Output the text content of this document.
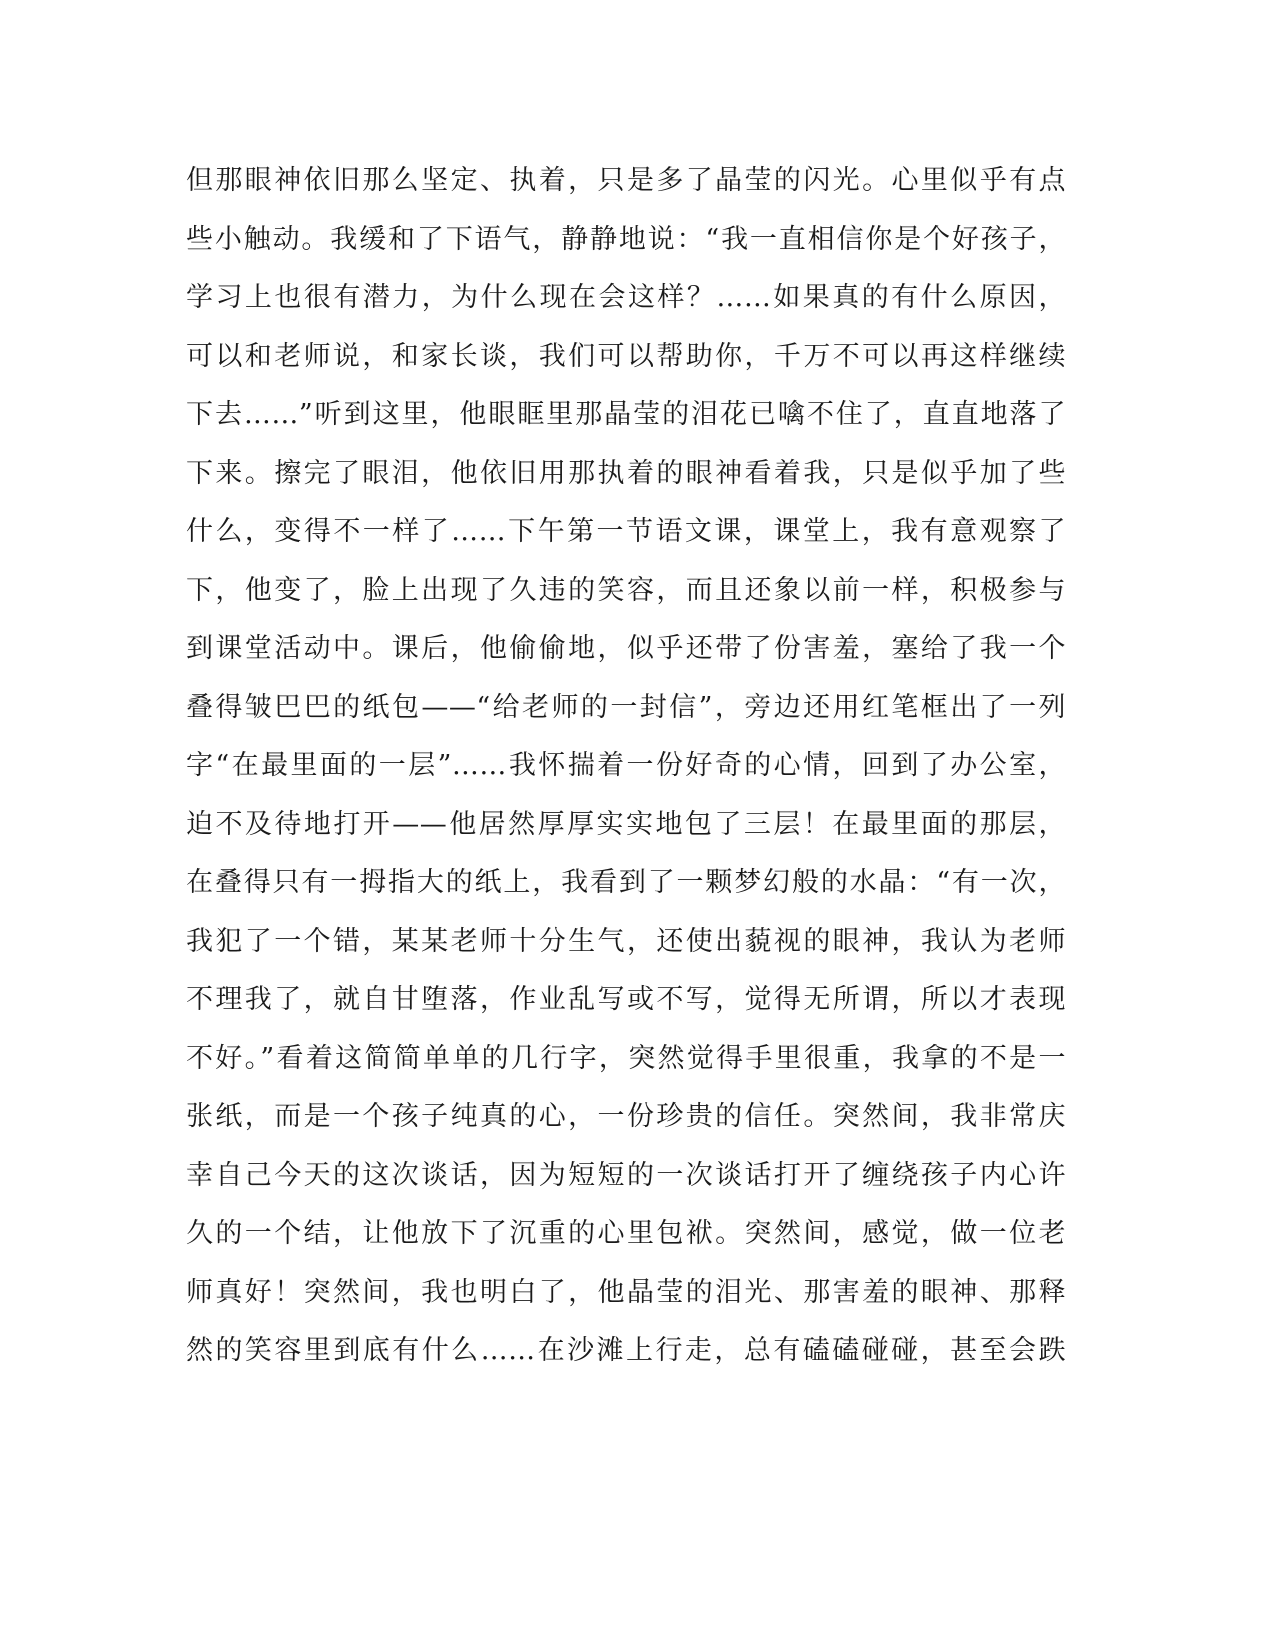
但那眼神依旧那么坚定、执着，只是多了晶莹的闪光。心里似乎有点
些小触动。我缓和了下语气，静静地说：“我一直相信你是个好孩子，
学习上也很有潜力，为什么现在会这样？……如果真的有什么原因，
可以和老师说，和家长谈，我们可以帮助你，千万不可以再这样继续
下去……”听到这里，他眼眶里那晶莹的泪花已噙不住了，直直地落了
下来。擦完了眼泪，他依旧用那执着的眼神看着我，只是似乎加了些
什么，变得不一样了……下午第一节语文课，课堂上，我有意观察了
下，他变了，脸上出现了久违的笑容，而且还象以前一样，积极参与
到课堂活动中。课后，他偷偷地，似乎还带了份害羞，塞给了我一个
叠得皱巴巴的纸包——“给老师的一封信”，旁边还用红笔框出了一列
字“在最里面的一层”……我怀揣着一份好奇的心情，回到了办公室，
迫不及待地打开——他居然厚厚实实地包了三层！在最里面的那层，
在叠得只有一拇指大的纸上，我看到了一颗梦幻般的水晶：“有一次，
我犯了一个错，某某老师十分生气，还使出藐视的眼神，我认为老师
不理我了，就自甘堕落，作业乱写或不写，觉得无所谓，所以才表现
不好。”看着这简简单单的几行字，突然觉得手里很重，我拿的不是一
张纸，而是一个孩子纯真的心，一份珍贵的信任。突然间，我非常庆
幸自己今天的这次谈话，因为短短的一次谈话打开了缠绕孩子内心许
久的一个结，让他放下了沉重的心里包袱。突然间，感觉，做一位老
师真好！突然间，我也明白了，他晶莹的泪光、那害羞的眼神、那释
然的笑容里到底有什么……在沙滩上行走，总有磕磕碰碰，甚至会跌
